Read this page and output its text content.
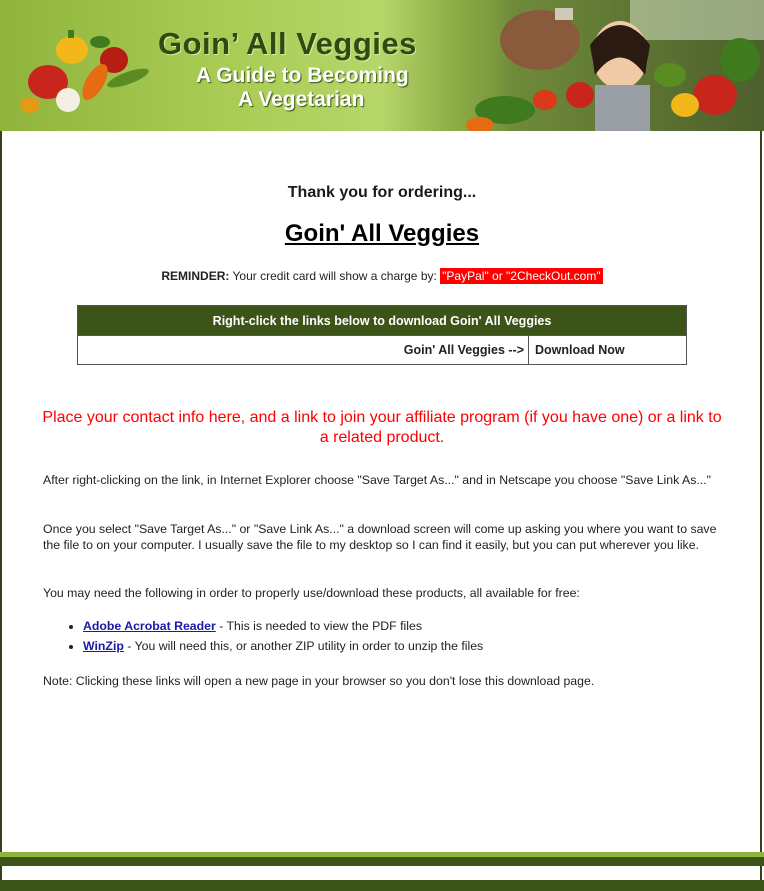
Goin’ All Veggies
A Guide to Becoming
A Vegetarian
Thank you for ordering...
Goin' All Veggies
REMINDER: Your credit card will show a charge by: "PayPal" or "2CheckOut.com"
Right-click the links below to download Goin' All Veggies
Goin' All Veggies -->	Download Now
Place your contact info here, and a link to join your affiliate program (if you have one) or a link to a related product.
After right-clicking on the link, in Internet Explorer choose "Save Target As..." and in Netscape you choose "Save Link As..."
Once you select "Save Target As..." or "Save Link As..." a download screen will come up asking you where you want to save the file to on your computer. I usually save the file to my desktop so I can find it easily, but you can put wherever you like.
You may need the following in order to properly use/download these products, all available for free:
• Adobe Acrobat Reader - This is needed to view the PDF files
• WinZip - You will need this, or another ZIP utility in order to unzip the files
Note: Clicking these links will open a new page in your browser so you don't lose this download page.
